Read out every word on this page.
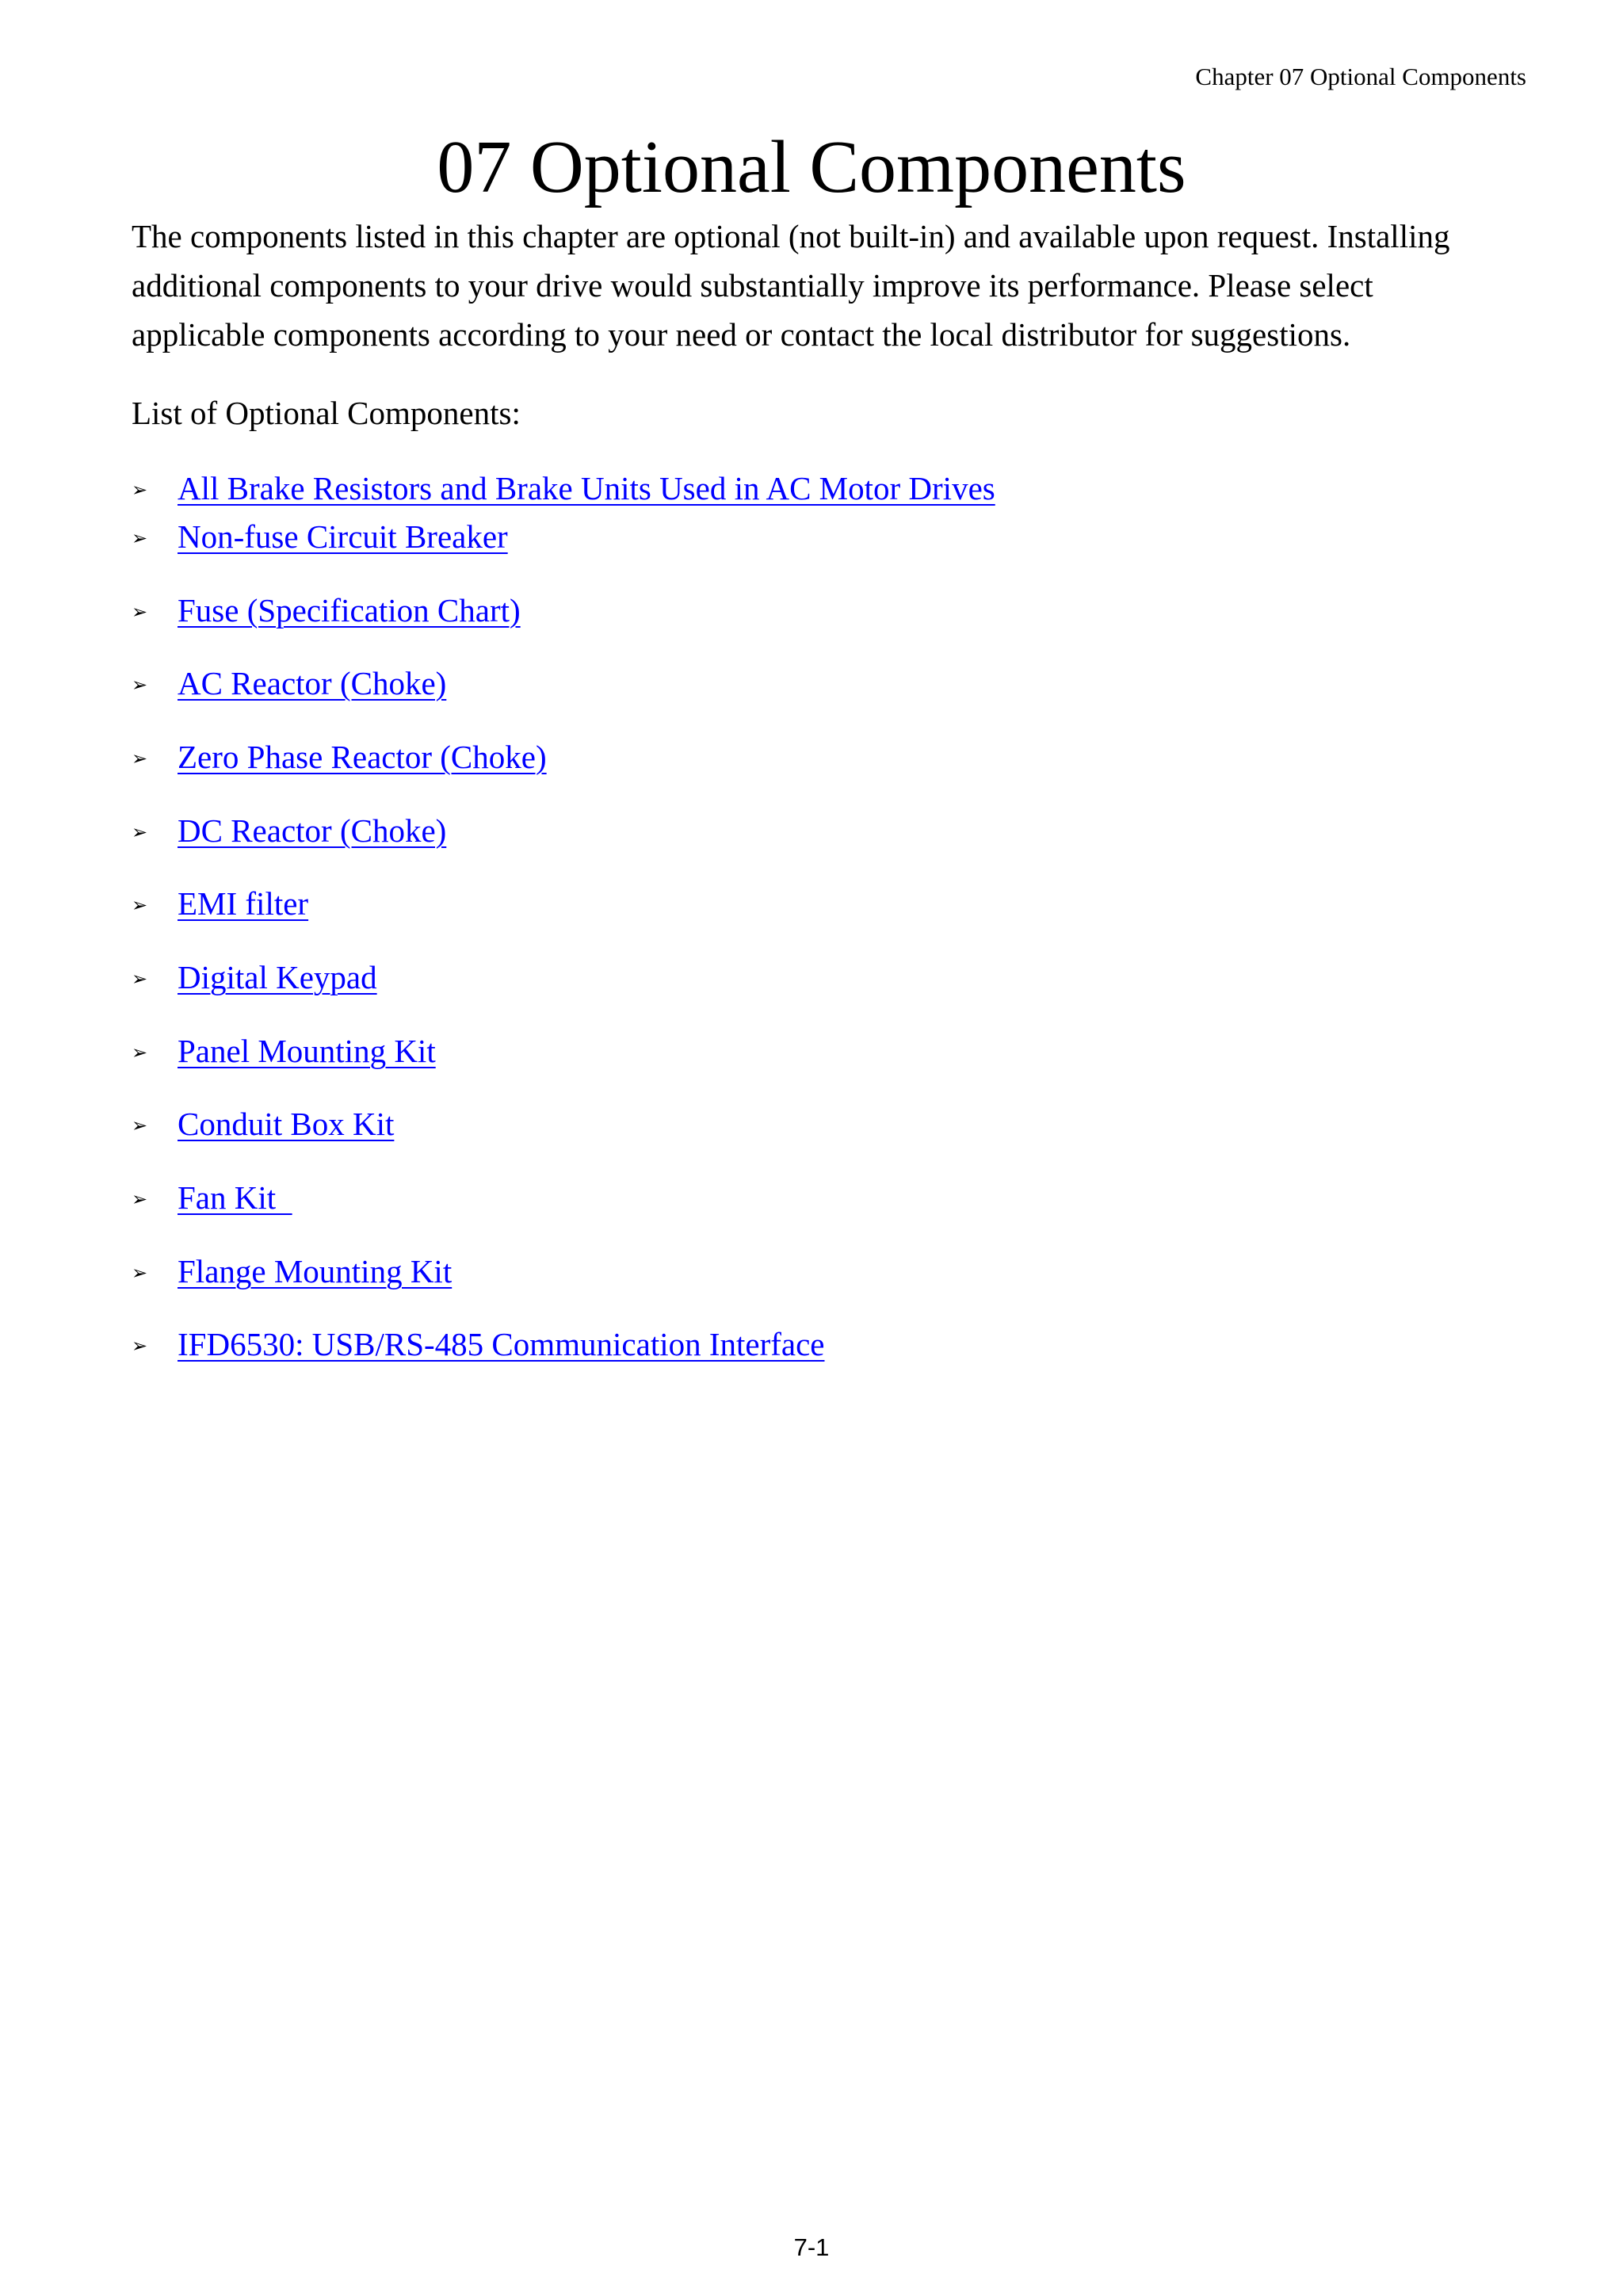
Chapter 07 Optional Components
07 Optional Components

The components listed in this chapter are optional (not built-in) and available upon request. Installing additional components to your drive would substantially improve its performance. Please select applicable components according to your need or contact the local distributor for suggestions.

List of Optional Components:

➢ All Brake Resistors and Brake Units Used in AC Motor Drives
➢ Non-fuse Circuit Breaker
➢ Fuse (Specification Chart)
➢ AC Reactor (Choke)
➢ Zero Phase Reactor (Choke)
➢ DC Reactor (Choke)
➢ EMI filter
➢ Digital Keypad
➢ Panel Mounting Kit
➢ Conduit Box Kit
➢ Fan Kit
➢ Flange Mounting Kit
➢ IFD6530: USB/RS-485 Communication Interface
7-1
